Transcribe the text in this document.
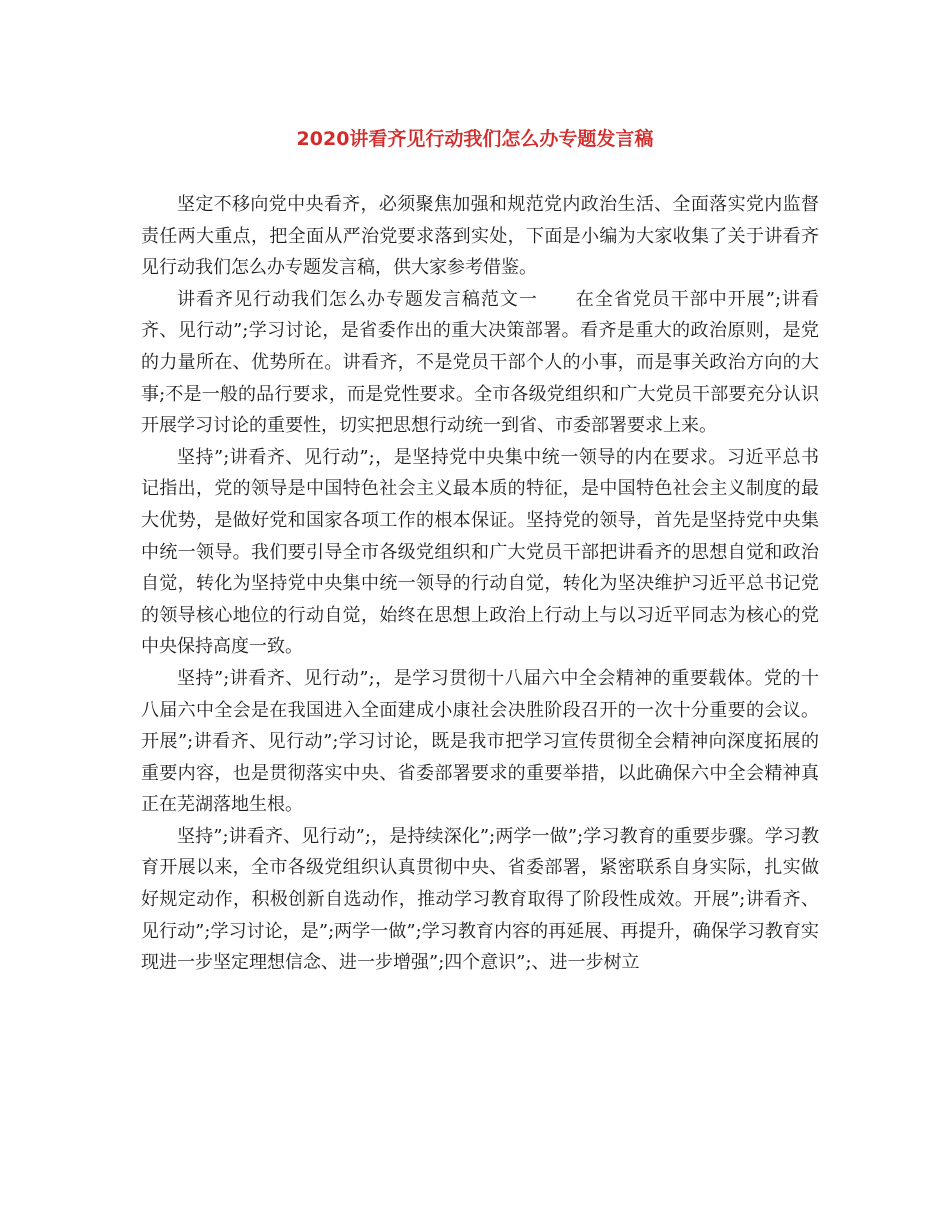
2020讲看齐见行动我们怎么办专题发言稿

坚定不移向党中央看齐，必须聚焦加强和规范党内政治生活、全面落实党内监督责任两大重点，把全面从严治党要求落到实处，下面是小编为大家收集了关于讲看齐见行动我们怎么办专题发言稿，供大家参考借鉴。

讲看齐见行动我们怎么办专题发言稿范文一　　在全省党员干部中开展”;讲看齐、见行动”;学习讨论，是省委作出的重大决策部署。看齐是重大的政治原则，是党的力量所在、优势所在。讲看齐，不是党员干部个人的小事，而是事关政治方向的大事;不是一般的品行要求，而是党性要求。全市各级党组织和广大党员干部要充分认识开展学习讨论的重要性，切实把思想行动统一到省、市委部署要求上来。

坚持”;讲看齐、见行动”;，是坚持党中央集中统一领导的内在要求。习近平总书记指出，党的领导是中国特色社会主义最本质的特征，是中国特色社会主义制度的最大优势，是做好党和国家各项工作的根本保证。坚持党的领导，首先是坚持党中央集中统一领导。我们要引导全市各级党组织和广大党员干部把讲看齐的思想自觉和政治自觉，转化为坚持党中央集中统一领导的行动自觉，转化为坚决维护习近平总书记党的领导核心地位的行动自觉，始终在思想上政治上行动上与以习近平同志为核心的党中央保持高度一致。

坚持”;讲看齐、见行动”;，是学习贯彻十八届六中全会精神的重要载体。党的十八届六中全会是在我国进入全面建成小康社会决胜阶段召开的一次十分重要的会议。开展”;讲看齐、见行动”;学习讨论，既是我市把学习宣传贯彻全会精神向深度拓展的重要内容，也是贯彻落实中央、省委部署要求的重要举措，以此确保六中全会精神真正在芜湖落地生根。

坚持”;讲看齐、见行动”;，是持续深化”;两学一做”;学习教育的重要步骤。学习教育开展以来，全市各级党组织认真贯彻中央、省委部署，紧密联系自身实际，扎实做好规定动作，积极创新自选动作，推动学习教育取得了阶段性成效。开展”;讲看齐、见行动”;学习讨论，是”;两学一做”;学习教育内容的再延展、再提升，确保学习教育实现进一步坚定理想信念、进一步增强”;四个意识”;、进一步树立
